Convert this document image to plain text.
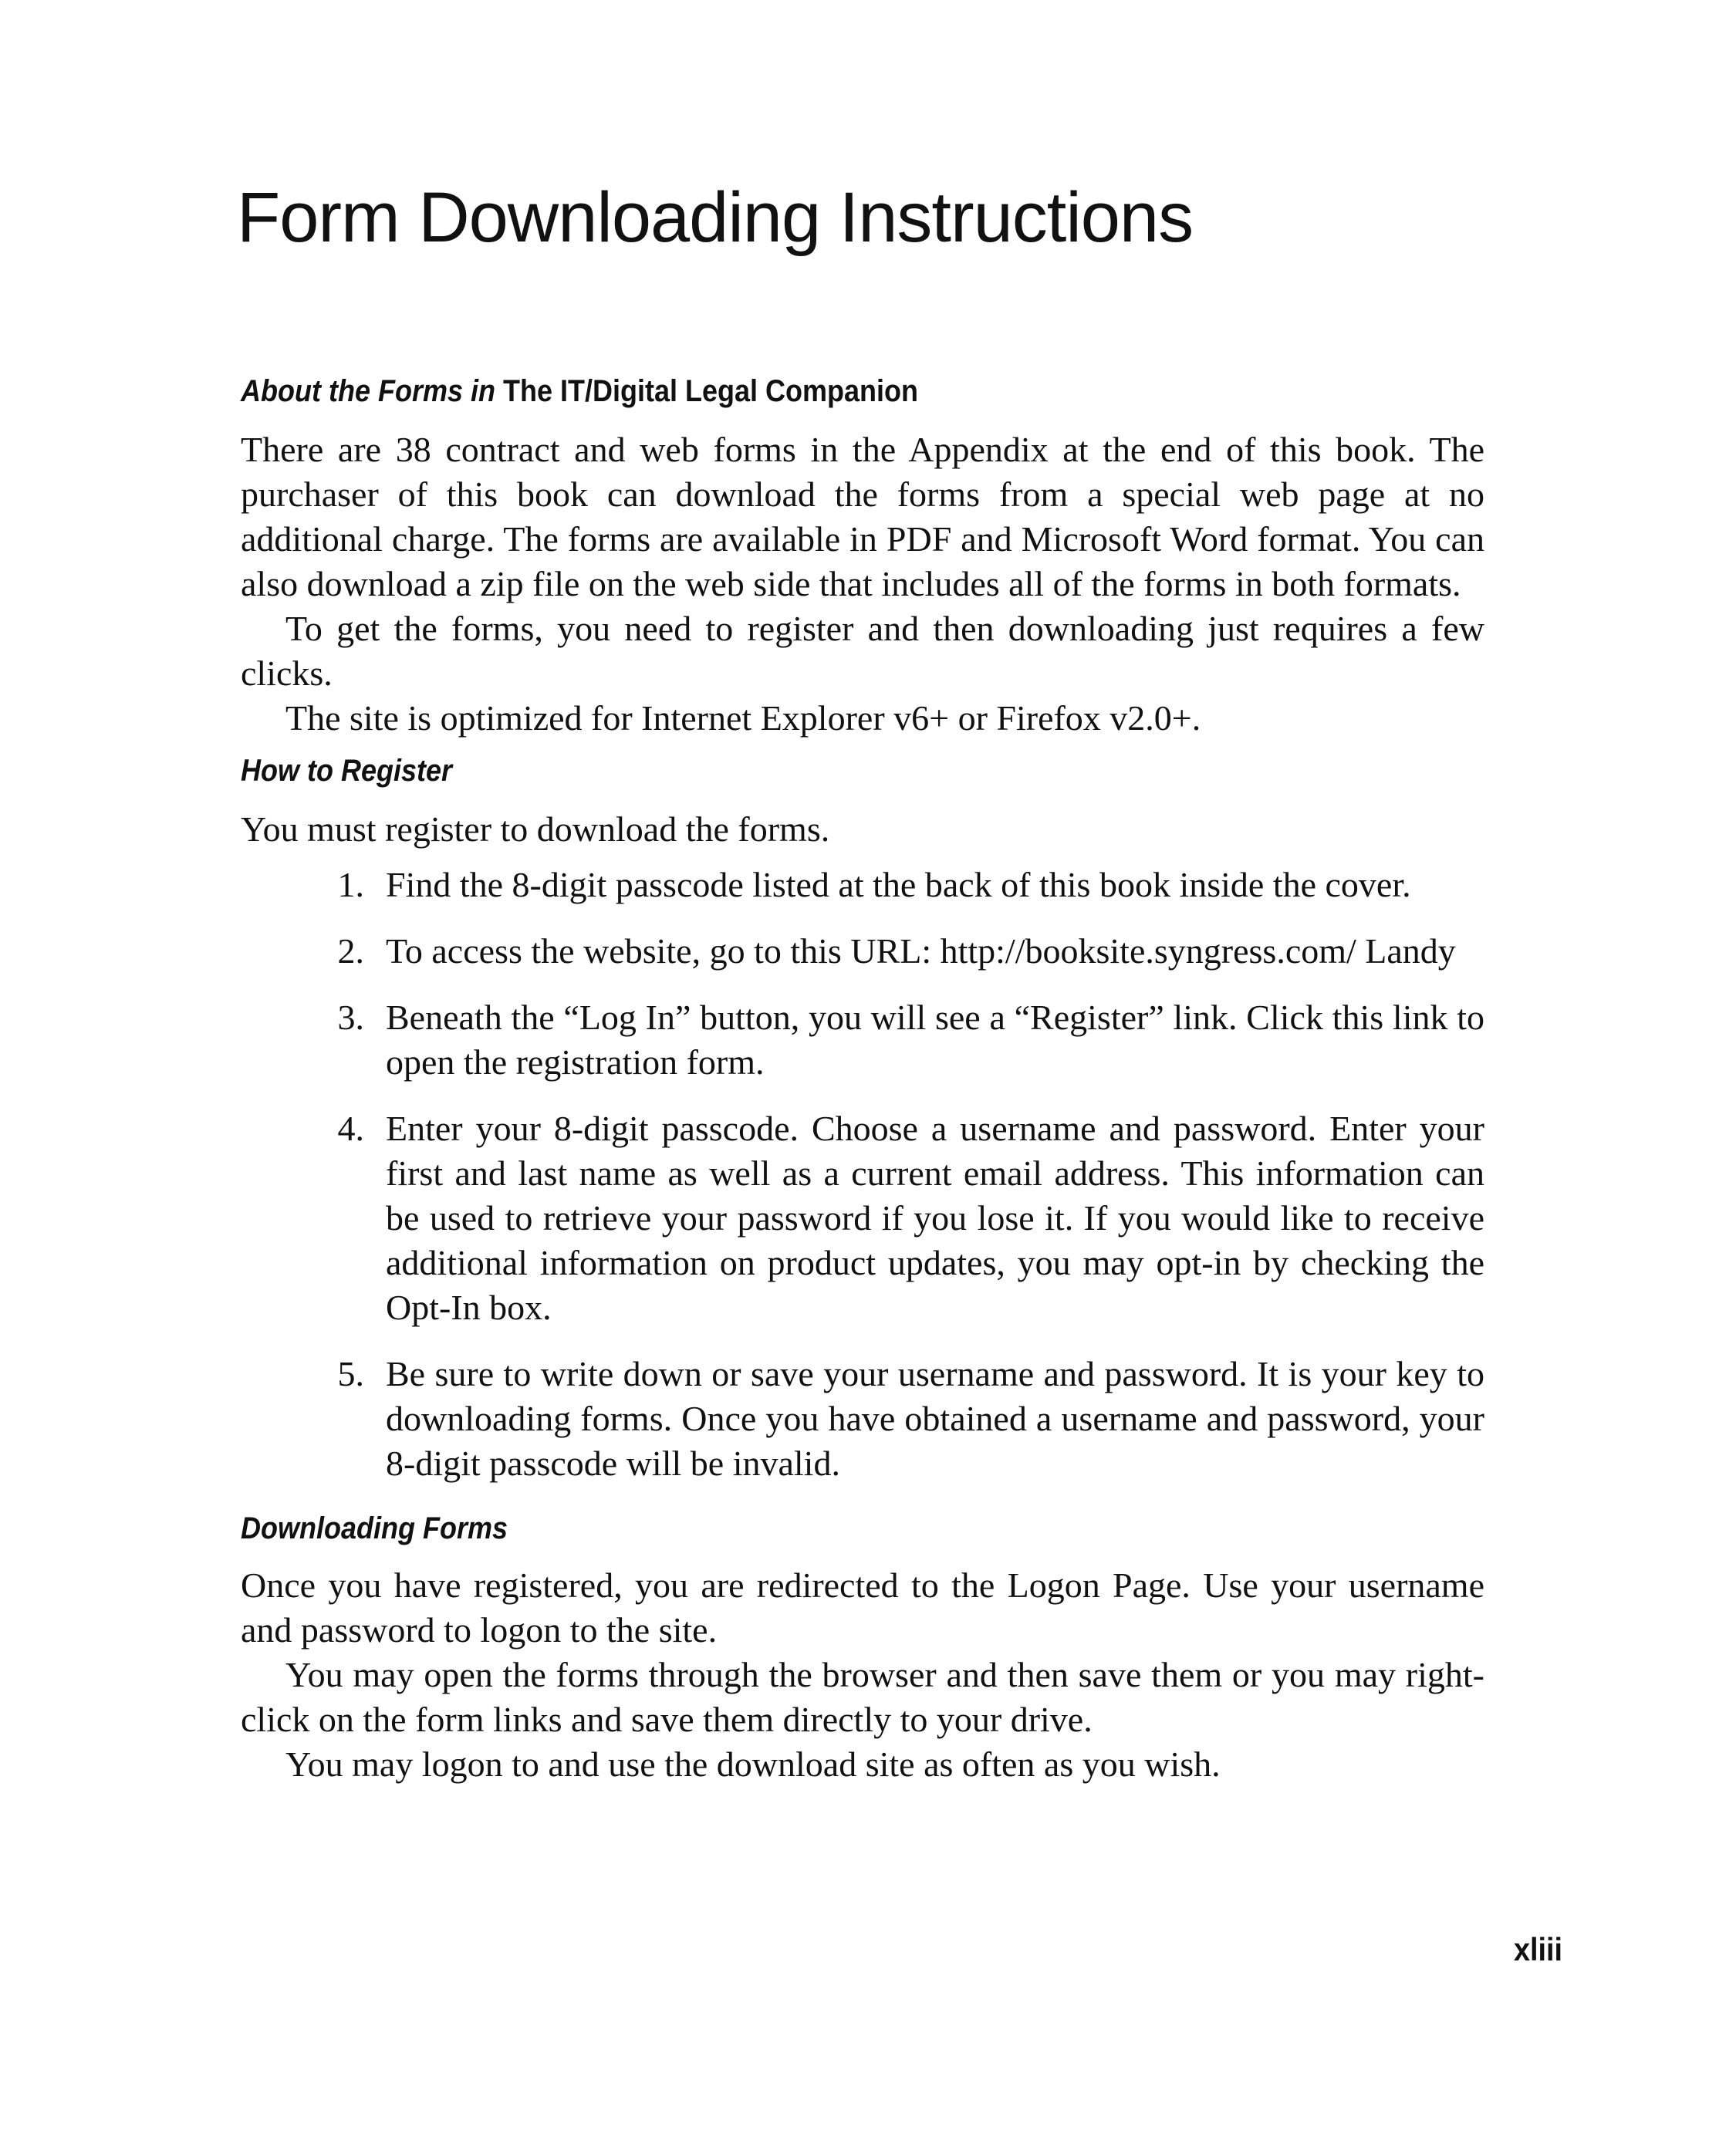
Form Downloading Instructions
About the Forms in The IT/Digital Legal Companion

There are 38 contract and web forms in the Appendix at the end of this book. The purchaser of this book can download the forms from a special web page at no additional charge. The forms are available in PDF and Microsoft Word format. You can also download a zip file on the web side that includes all of the forms in both formats.

To get the forms, you need to register and then downloading just requires a few clicks.

The site is optimized for Internet Explorer v6+ or Firefox v2.0+.

How to Register

You must register to download the forms.

1. Find the 8-digit passcode listed at the back of this book inside the cover.
2. To access the website, go to this URL: http://booksite.syngress.com/ Landy
3. Beneath the “Log In” button, you will see a “Register” link. Click this link to open the registration form.
4. Enter your 8-digit passcode. Choose a username and password. Enter your first and last name as well as a current email address. This information can be used to retrieve your password if you lose it. If you would like to receive additional information on product updates, you may opt-in by checking the Opt-In box.
5. Be sure to write down or save your username and password. It is your key to downloading forms. Once you have obtained a username and password, your 8-digit passcode will be invalid.
Downloading Forms

Once you have registered, you are redirected to the Logon Page. Use your username and password to logon to the site.

You may open the forms through the browser and then save them or you may right-click on the form links and save them directly to your drive.

You may logon to and use the download site as often as you wish.

xliii
